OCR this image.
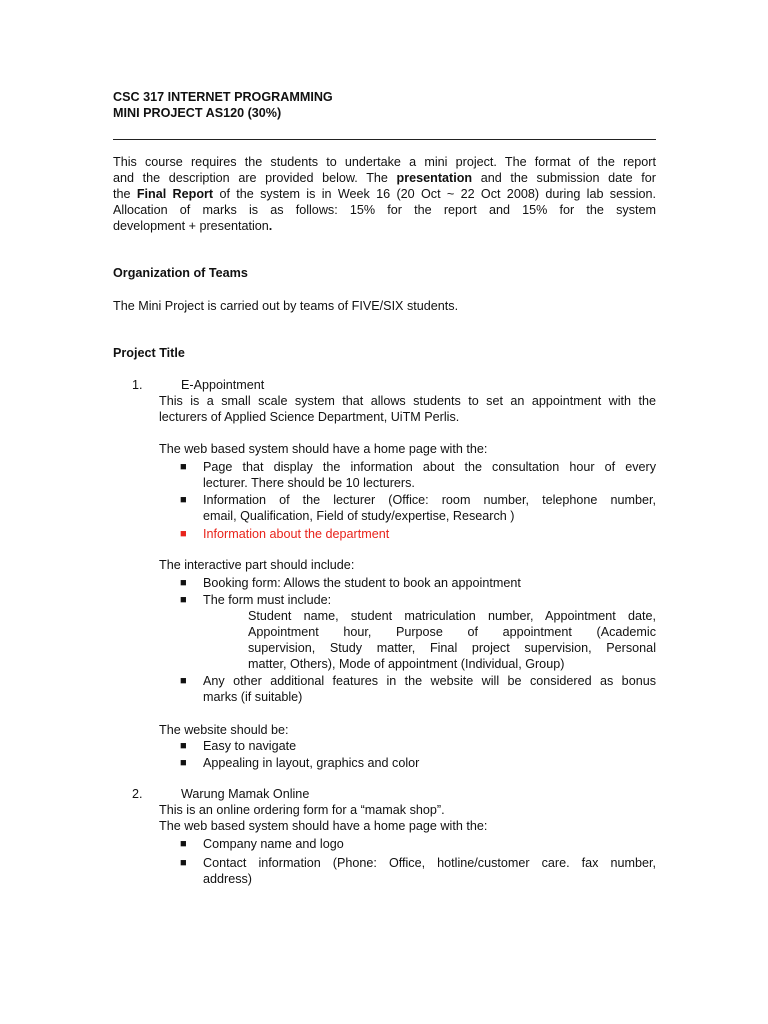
CSC 317 INTERNET PROGRAMMING
MINI PROJECT AS120 (30%)
This course requires the students to undertake a mini project. The format of the report
and the description are provided below. The presentation and the submission date for
the Final Report of the system is in Week 16 (20 Oct ~ 22 Oct 2008) during lab session.
Allocation of marks is as follows: 15% for the report and 15% for the system
development + presentation.
Organization of Teams
The Mini Project is carried out by teams of FIVE/SIX students.
Project Title
1.	E-Appointment
This is a small scale system that allows students to set an appointment with the
lecturers of Applied Science Department, UiTM Perlis.
The web based system should have a home page with the:
■ Page that display the information about the consultation hour of every
lecturer. There should be 10 lecturers.
■ Information of the lecturer (Office: room number, telephone number,
email, Qualification, Field of study/expertise, Research )
■ Information about the department
The interactive part should include:
■ Booking form: Allows the student to book an appointment
■ The form must include:
Student name, student matriculation number, Appointment date,
Appointment hour, Purpose of appointment (Academic
supervision, Study matter, Final project supervision, Personal
matter, Others), Mode of appointment (Individual, Group)
■ Any other additional features in the website will be considered as bonus
marks (if suitable)
The website should be:
■ Easy to navigate
■ Appealing in layout, graphics and color
2.	Warung Mamak Online
This is an online ordering form for a “mamak shop”.
The web based system should have a home page with the:
■ Company name and logo
■ Contact information (Phone: Office, hotline/customer care. fax number,
address)
